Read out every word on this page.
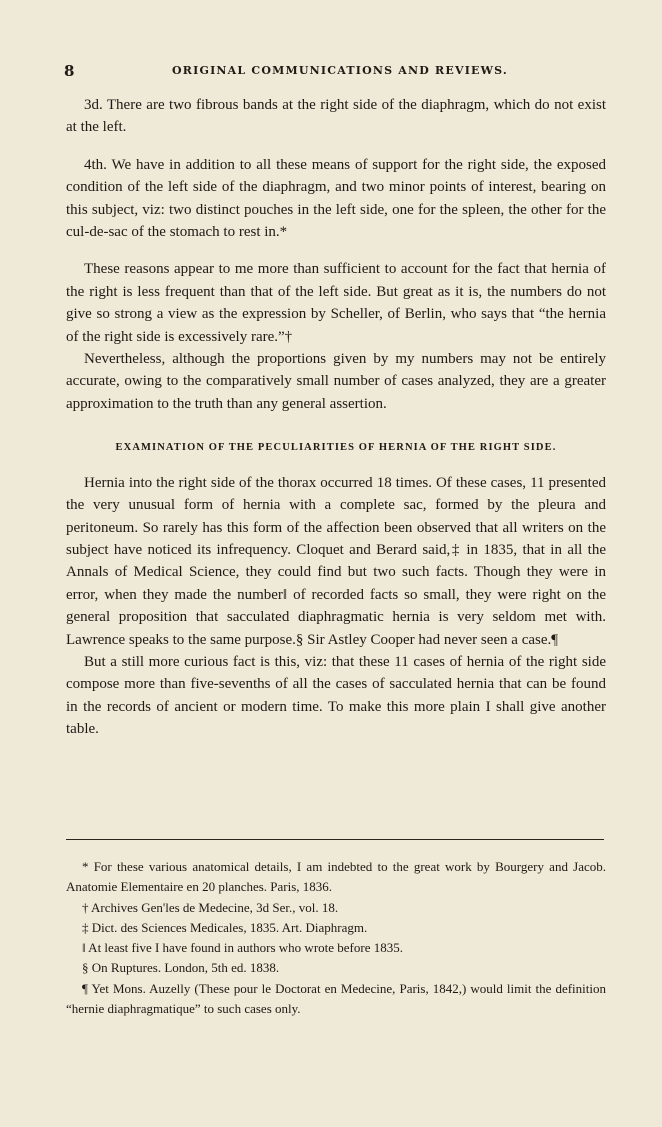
8	ORIGINAL COMMUNICATIONS AND REVIEWS.

3d. There are two fibrous bands at the right side of the diaphragm, which do not exist at the left.

4th. We have in addition to all these means of support for the right side, the exposed condition of the left side of the diaphragm, and two minor points of interest, bearing on this subject, viz: two distinct pouches in the left side, one for the spleen, the other for the cul-de-sac of the stomach to rest in.*

These reasons appear to me more than sufficient to account for the fact that hernia of the right is less frequent than that of the left side. But great as it is, the numbers do not give so strong a view as the expression by Scheller, of Berlin, who says that “the hernia of the right side is excessively rare.”†

Nevertheless, although the proportions given by my numbers may not be entirely accurate, owing to the comparatively small number of cases analyzed, they are a greater approximation to the truth than any general assertion.

EXAMINATION OF THE PECULIARITIES OF HERNIA OF THE RIGHT SIDE.

Hernia into the right side of the thorax occurred 18 times. Of these cases, 11 presented the very unusual form of hernia with a complete sac, formed by the pleura and peritoneum. So rarely has this form of the affection been observed that all writers on the subject have noticed its infrequency. Cloquet and Berard said,‡ in 1835, that in all the Annals of Medical Science, they could find but two such facts. Though they were in error, when they made the number‖ of recorded facts so small, they were right on the general proposition that sacculated diaphragmatic hernia is very seldom met with. Lawrence speaks to the same purpose.§ Sir Astley Cooper had never seen a case.¶

But a still more curious fact is this, viz: that these 11 cases of hernia of the right side compose more than five-sevenths of all the cases of sacculated hernia that can be found in the records of ancient or modern time. To make this more plain I shall give another table.

* For these various anatomical details, I am indebted to the great work by Bourgery and Jacob. Anatomie Elementaire en 20 planches. Paris, 1836.

† Archives Gen'les de Medecine, 3d Ser., vol. 18.

‡ Dict. des Sciences Medicales, 1835. Art. Diaphragm.

‖ At least five I have found in authors who wrote before 1835.

§ On Ruptures. London, 5th ed. 1838.

¶ Yet Mons. Auzelly (These pour le Doctorat en Medecine, Paris, 1842,) would limit the definition “hernie diaphragmatique” to such cases only.
